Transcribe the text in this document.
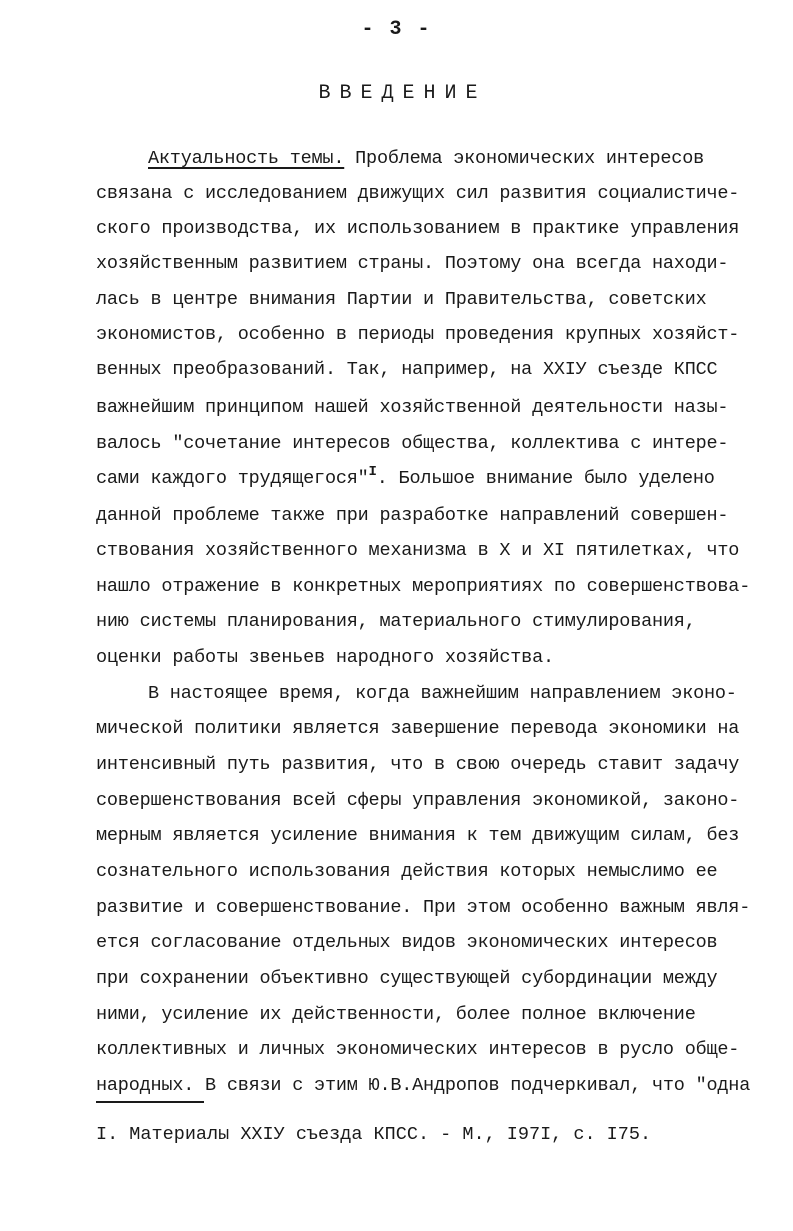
- 3 -
ВВЕДЕНИЕ
Актуальность темы. Проблема экономических интересов
связана с исследованием движущих сил развития социалистиче-
ского производства, их использованием в практике управления
хозяйственным развитием страны. Поэтому она всегда находи-
лась в центре внимания Партии и Правительства, советских
экономистов, особенно в периоды проведения крупных хозяйст-
венных преобразований. Так, например, на XXIУ съезде КПСС
важнейшим принципом нашей хозяйственной деятельности назы-
валось "сочетание интересов общества, коллектива с интере-
сами каждого трудящегося"$^I$. Большое внимание было уделено
данной проблеме также при разработке направлений совершен-
ствования хозяйственного механизма в X и XI пятилетках, что
нашло отражение в конкретных мероприятиях по совершенствова-
нию системы планирования, материального стимулирования,
оценки работы звеньев народного хозяйства.
В настоящее время, когда важнейшим направлением эконо-
мической политики является завершение перевода экономики на
интенсивный путь развития, что в свою очередь ставит задачу
совершенствования всей сферы управления экономикой, законо-
мерным является усиление внимания к тем движущим силам, без
сознательного использования действия которых немыслимо ее
развитие и совершенствование. При этом особенно важным явля-
ется согласование отдельных видов экономических интересов
при сохранении объективно существующей субординации между
ними, усиление их действенности, более полное включение
коллективных и личных экономических интересов в русло обще-
народных. В связи с этим Ю.В.Андропов подчеркивал, что "одна
I. Материалы XXIУ съезда КПСС. - М., I97I, с. I75.
